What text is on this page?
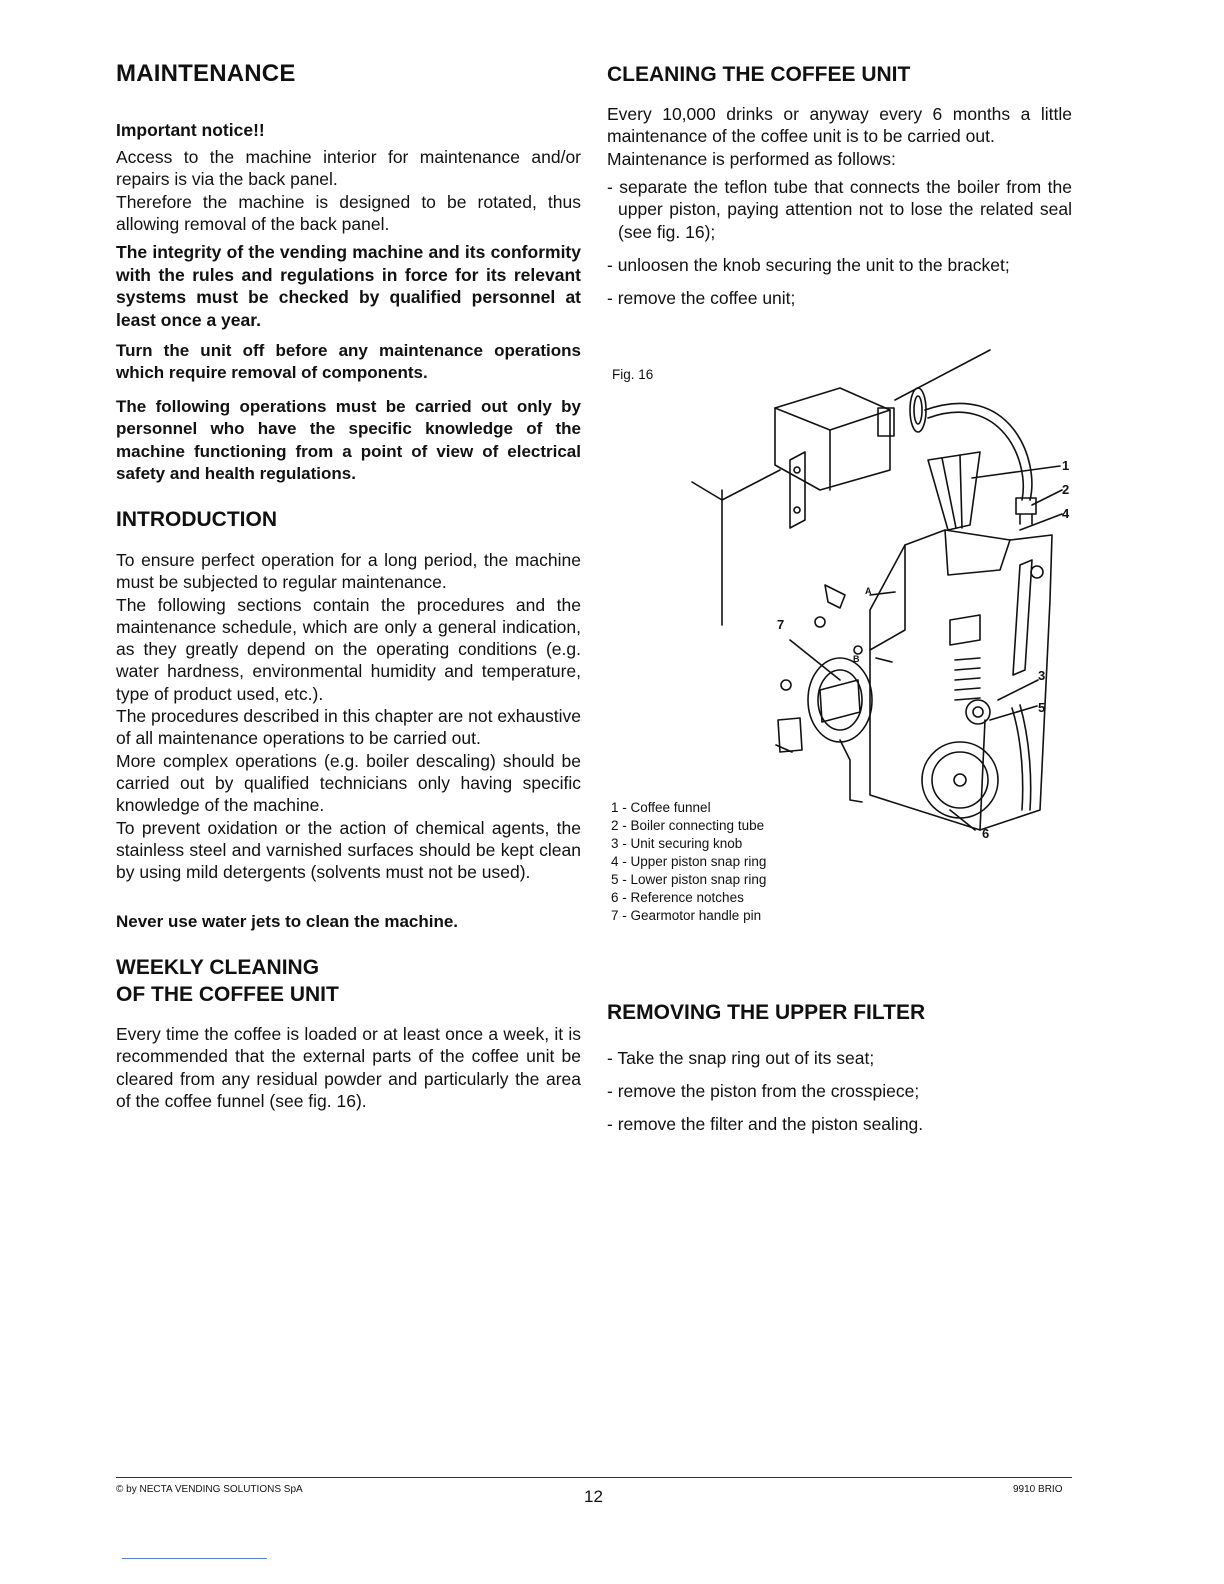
MAINTENANCE
Important notice!!
Access to the machine interior for maintenance and/or repairs is via the back panel.
Therefore the machine is designed to be rotated, thus allowing removal of the back panel.
The integrity of the vending machine and its conformity with the rules and regulations in force for its relevant systems must be checked by qualified personnel at least once a year.
Turn the unit off before any maintenance operations which require removal of components.
The following operations must be carried out only by personnel who have the specific knowledge of the machine functioning from a point of view of electrical safety and health regulations.
INTRODUCTION

To ensure perfect operation for a long period, the machine must be subjected to regular maintenance.

The following sections contain the procedures and the maintenance schedule, which are only a general indication, as they greatly depend on the operating conditions (e.g. water hardness, environmental humidity and temperature, type of product used, etc.).

The procedures described in this chapter are not exhaustive of all maintenance operations to be carried out.

More complex operations (e.g. boiler descaling) should be carried out by qualified technicians only having specific knowledge of the machine.

To prevent oxidation or the action of chemical agents, the stainless steel and varnished surfaces should be kept clean by using mild detergents (solvents must not be used).

Never use water jets to clean the machine.
WEEKLY CLEANING
OF THE COFFEE UNIT
Every time the coffee is loaded or at least once a week, it is recommended that the external parts of the coffee unit be cleared from any residual powder and particularly the area of the coffee funnel (see fig. 16).
CLEANING THE COFFEE UNIT
Every 10,000 drinks or anyway every 6 months a little maintenance of the coffee unit is to be carried out.
Maintenance is performed as follows:
- separate the teflon tube that connects the boiler from the upper piston, paying attention not to lose the related seal (see fig. 16);
- unloosen the knob securing the unit to the bracket;
- remove the coffee unit;
Fig. 16
1 - Coffee funnel
2 - Boiler connecting tube
3 - Unit securing knob
4 - Upper piston snap ring
5 - Lower piston snap ring
6 - Reference notches
7 - Gearmotor handle pin
REMOVING THE UPPER FILTER
- Take the snap ring out of its seat;
- remove the piston from the crosspiece;
- remove the filter and the piston sealing.
1
2
4
7
A
B
3
5
6
© by NECTA VENDING SOLUTIONS SpA	12	9910 BRIO
